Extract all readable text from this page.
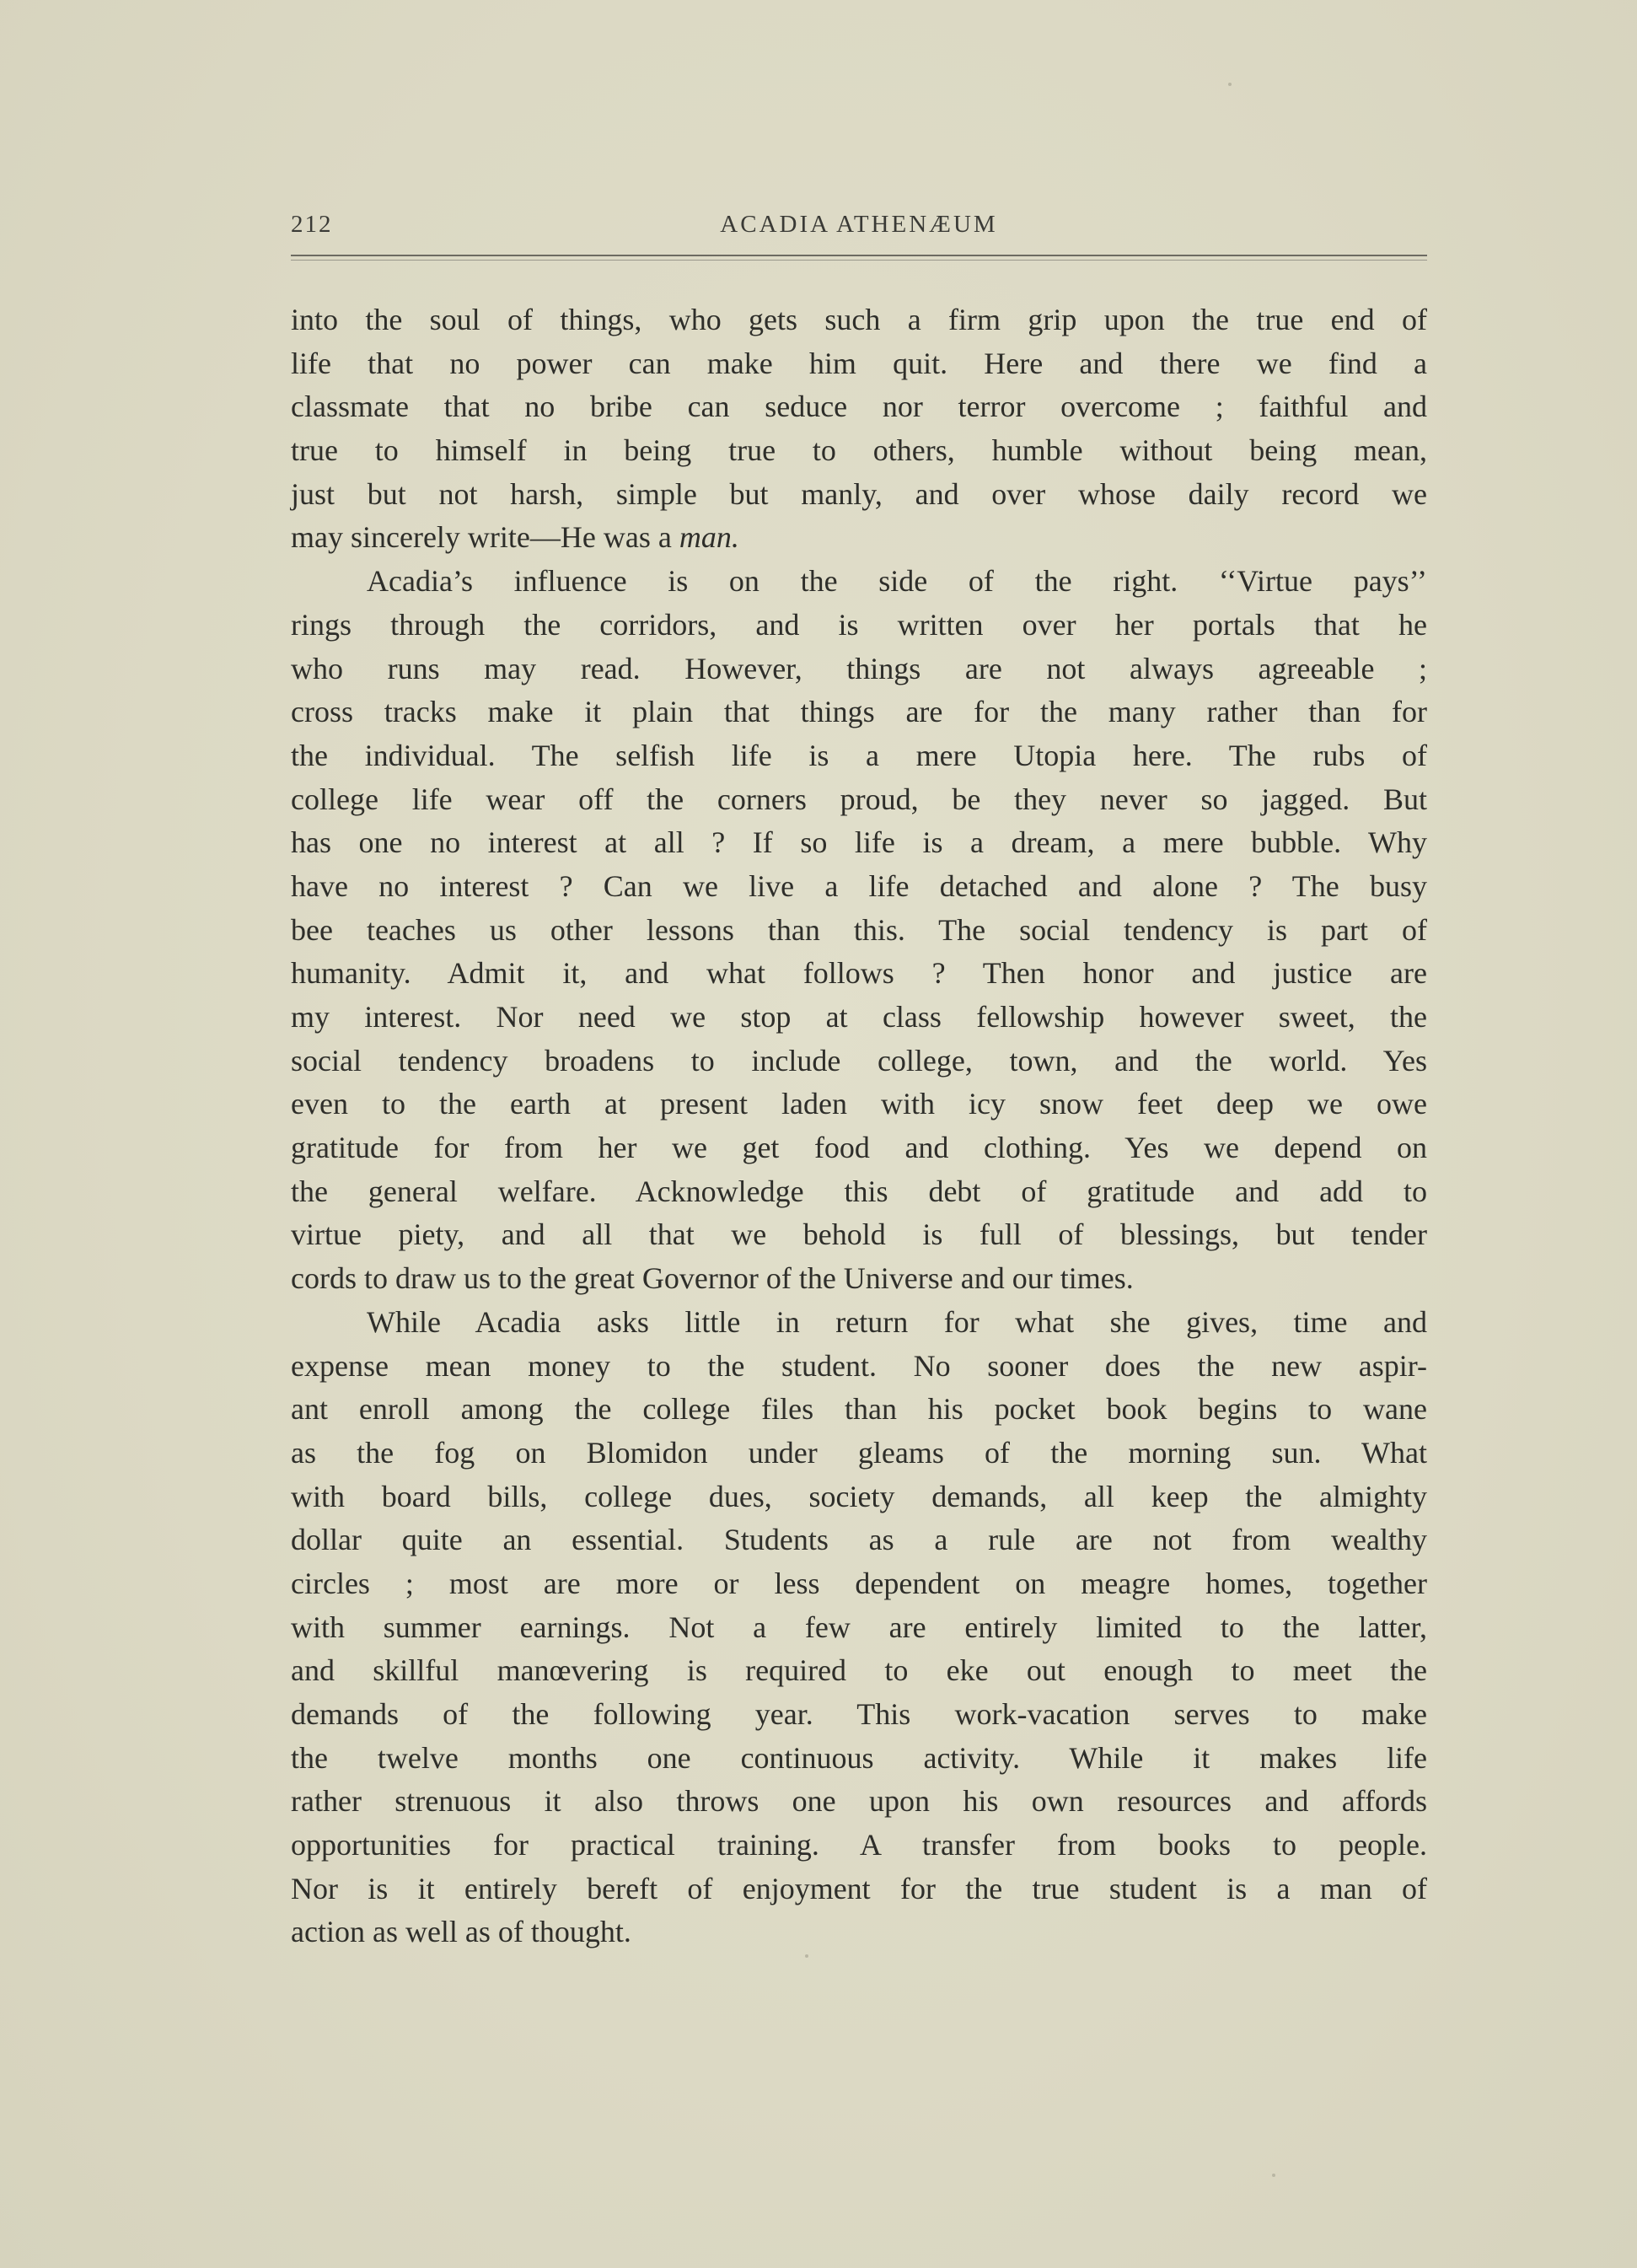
212	ACADIA ATHENÆUM
into the soul of things, who gets such a firm grip upon the true end of
life that no power can make him quit. Here and there we find a
classmate that no bribe can seduce nor terror overcome ; faithful and
true to himself in being true to others, humble without being mean,
just but not harsh, simple but manly, and over whose daily record we
may sincerely write—He was a man.
Acadia’s influence is on the side of the right. ‘‘Virtue pays’’
rings through the corridors, and is written over her portals that he
who runs may read. However, things are not always agreeable ;
cross tracks make it plain that things are for the many rather than for
the individual. The selfish life is a mere Utopia here. The rubs of
college life wear off the corners proud, be they never so jagged. But
has one no interest at all ? If so life is a dream, a mere bubble. Why
have no interest ? Can we live a life detached and alone ? The busy
bee teaches us other lessons than this. The social tendency is part of
humanity. Admit it, and what follows ? Then honor and justice are
my interest. Nor need we stop at class fellowship however sweet, the
social tendency broadens to include college, town, and the world. Yes
even to the earth at present laden with icy snow feet deep we owe
gratitude for from her we get food and clothing. Yes we depend on
the general welfare. Acknowledge this debt of gratitude and add to
virtue piety, and all that we behold is full of blessings, but tender
cords to draw us to the great Governor of the Universe and our times.
While Acadia asks little in return for what she gives, time and
expense mean money to the student. No sooner does the new aspir-
ant enroll among the college files than his pocket book begins to wane
as the fog on Blomidon under gleams of the morning sun. What
with board bills, college dues, society demands, all keep the almighty
dollar quite an essential. Students as a rule are not from wealthy
circles ; most are more or less dependent on meagre homes, together
with summer earnings. Not a few are entirely limited to the latter,
and skillful manœvering is required to eke out enough to meet the
demands of the following year. This work-vacation serves to make
the twelve months one continuous activity. While it makes life
rather strenuous it also throws one upon his own resources and affords
opportunities for practical training. A transfer from books to people.
Nor is it entirely bereft of enjoyment for the true student is a man of
action as well as of thought.
